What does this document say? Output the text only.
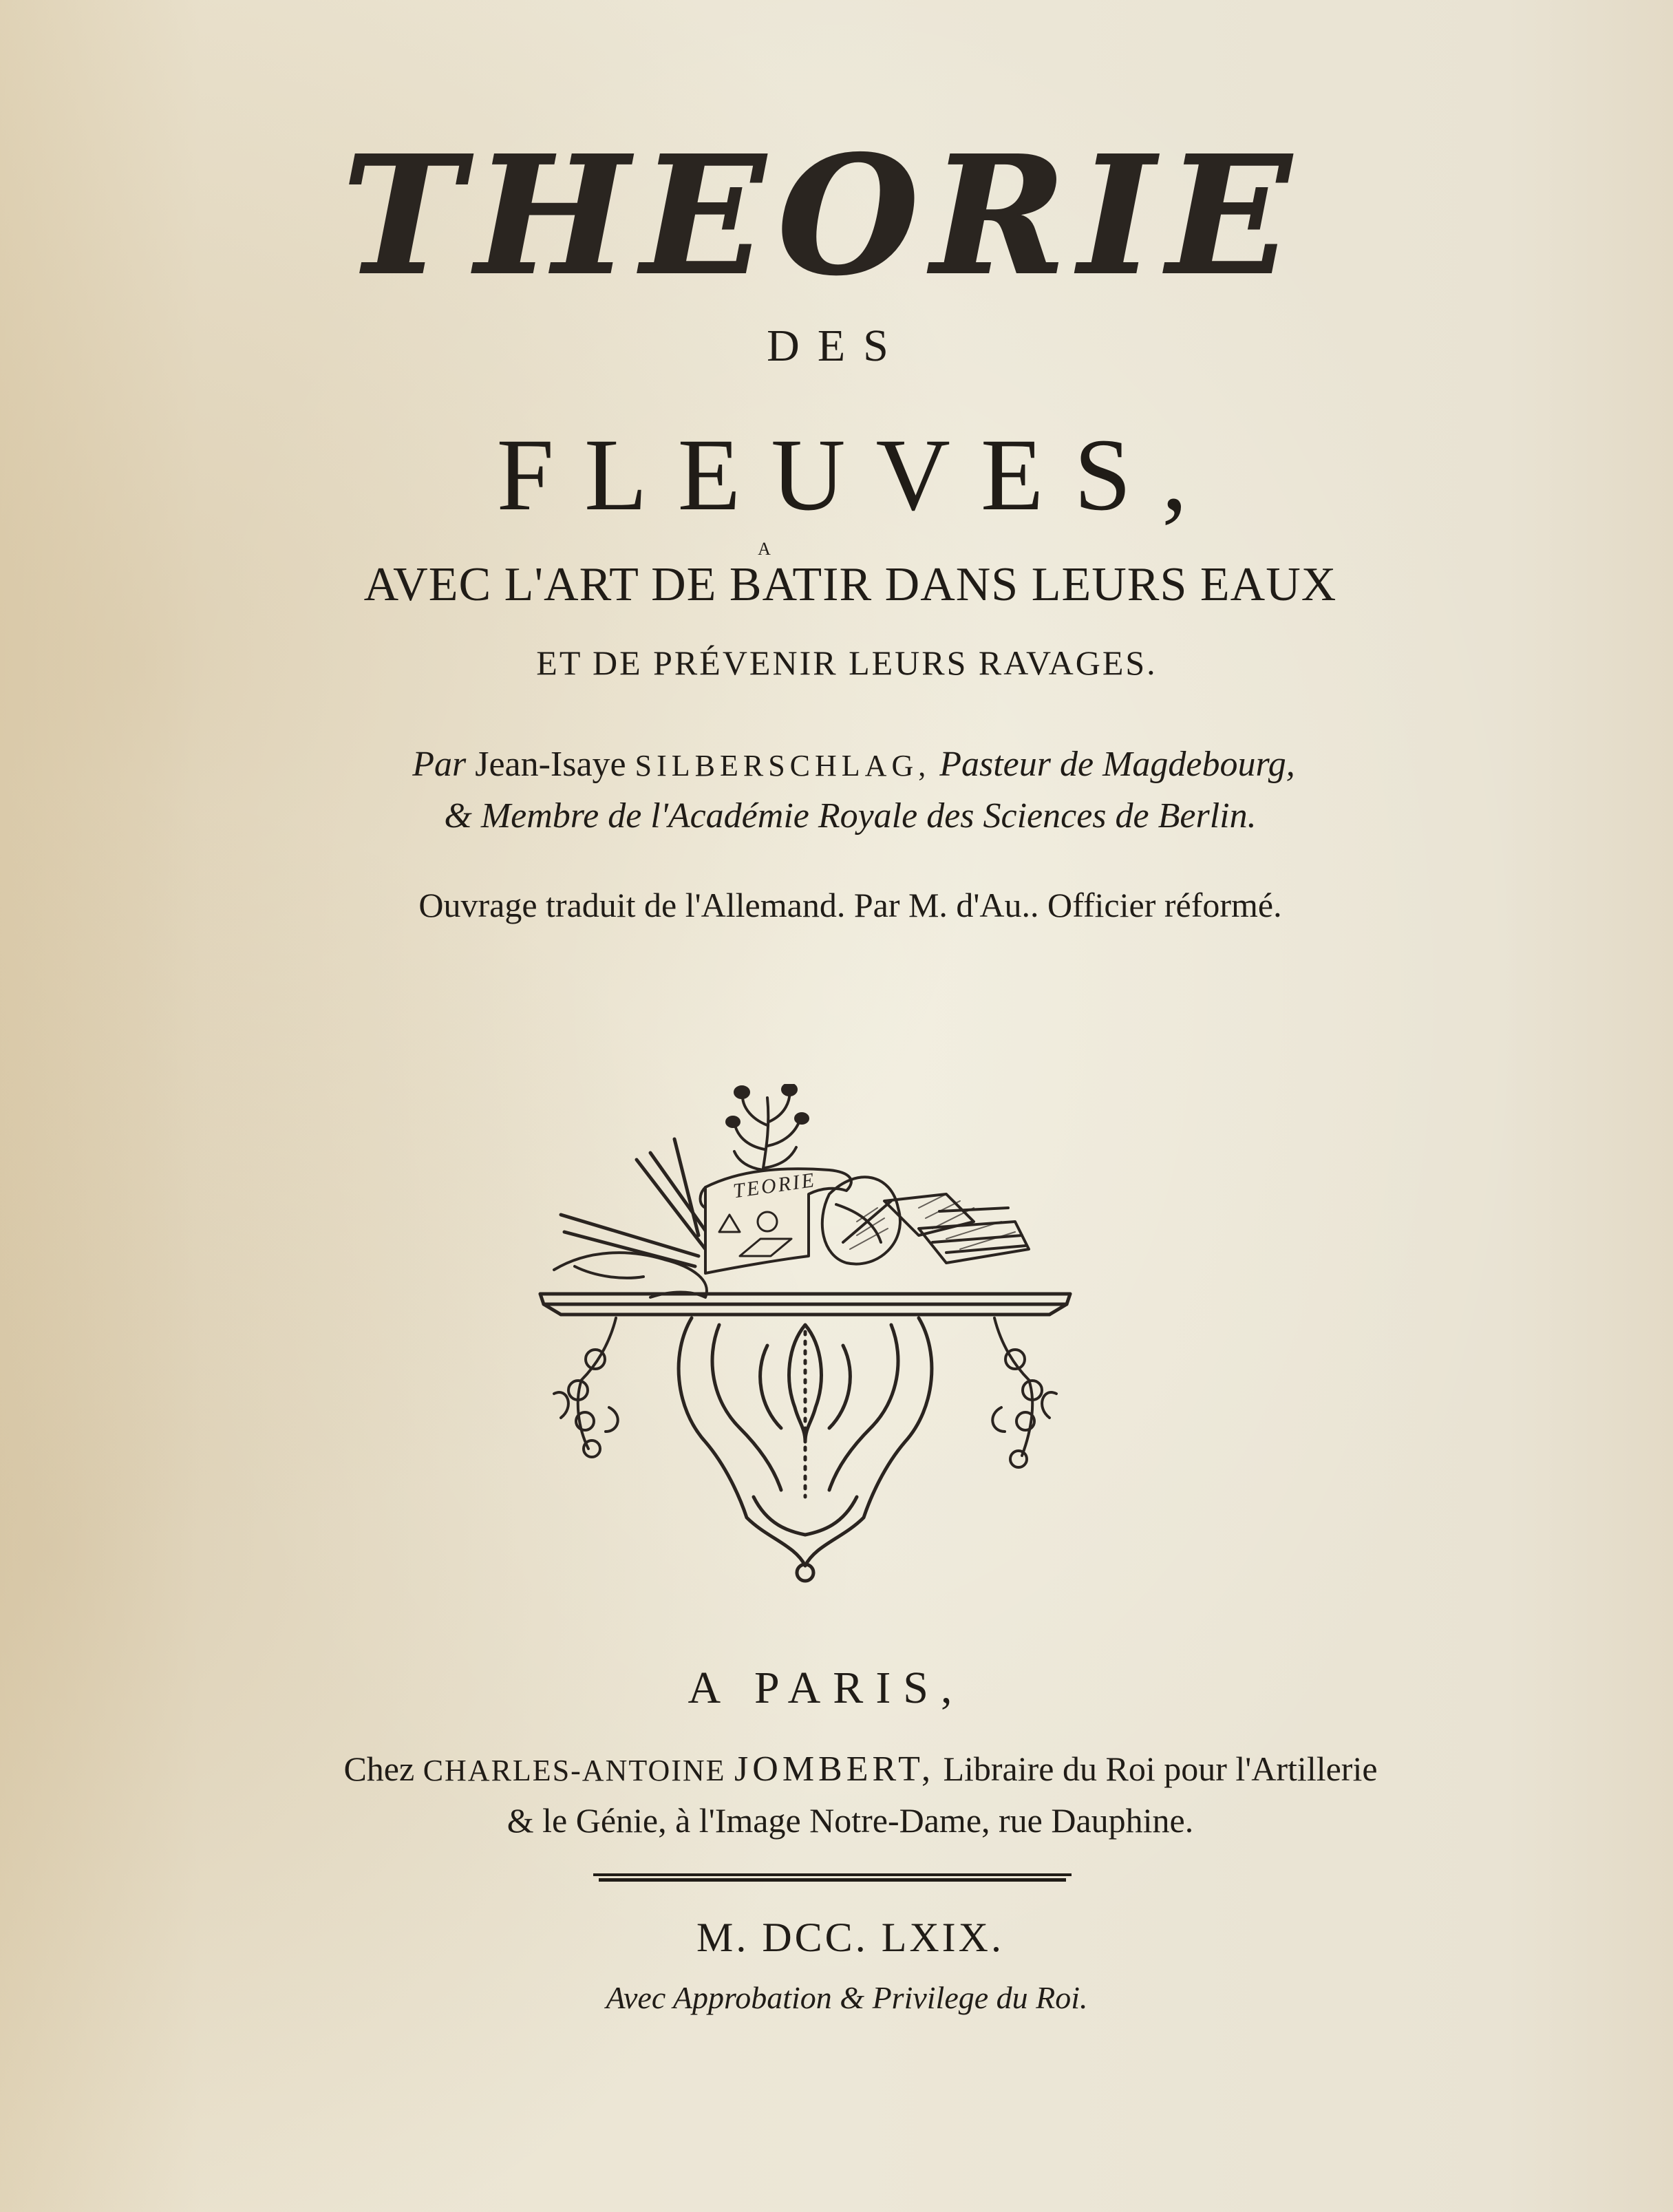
THEORIE
DES
FLEUVES,
A
AVEC L'ART DE BATIR DANS LEURS EAUX
ET DE PRÉVENIR LEURS RAVAGES.
Par Jean-Isaye SILBERSCHLAG, Pasteur de Magdebourg,
& Membre de l'Académie Royale des Sciences de Berlin.
Ouvrage traduit de l'Allemand. Par M. d'Au.. Officier réformé.
TEORIE
A PARIS,
Chez CHARLES-ANTOINE JOMBERT, Libraire du Roi pour l'Artillerie
& le Génie, à l'Image Notre-Dame, rue Dauphine.
M. DCC. LXIX.
Avec Approbation & Privilege du Roi.
